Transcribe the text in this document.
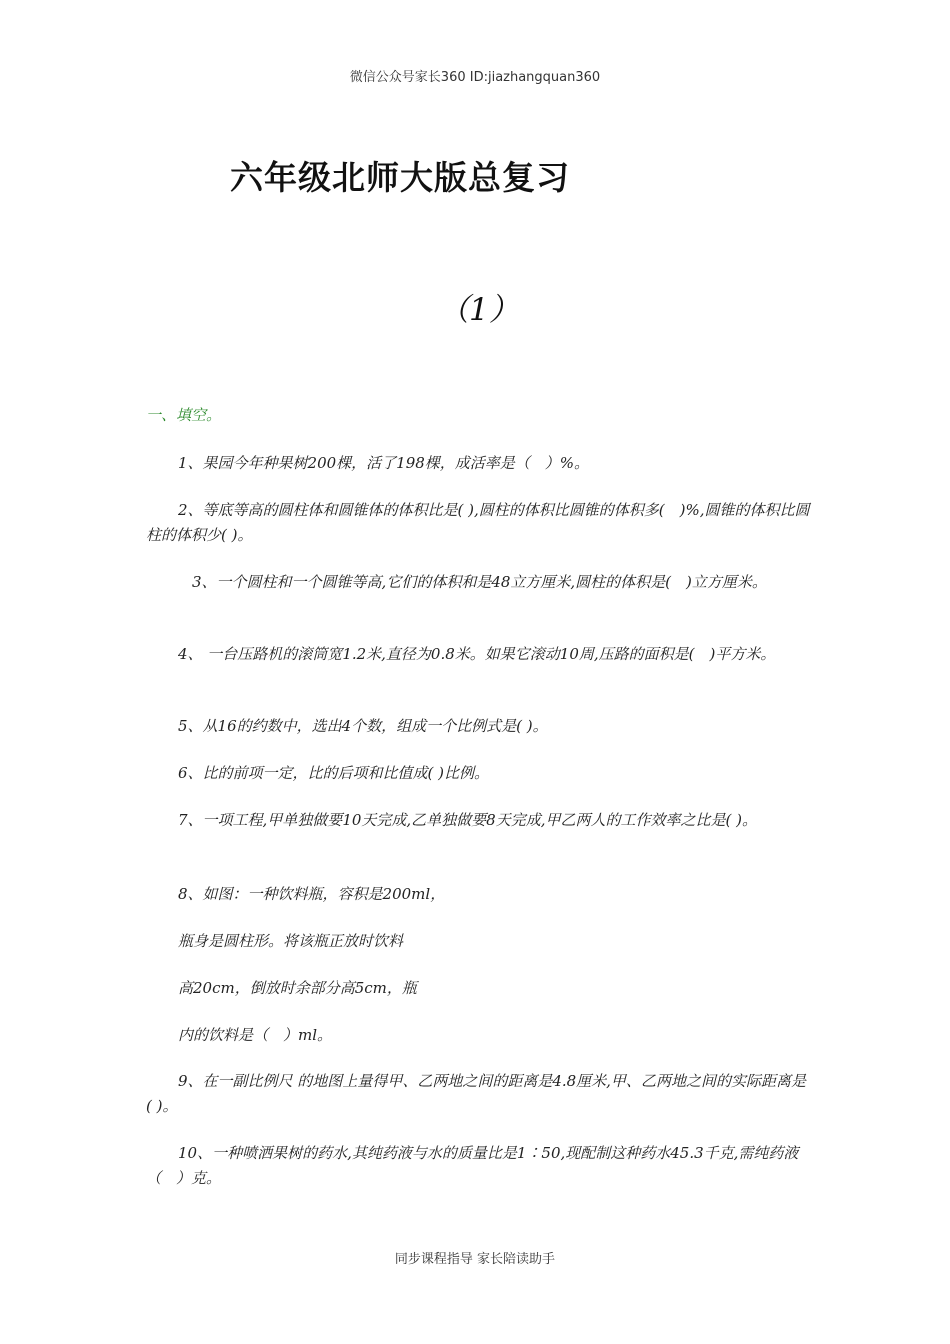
微信公众号家长360 ID:jiazhangquan360
六年级北师大版总复习
（1）
一、填空。
1、果园今年种果树200棵，活了198棵，成活率是（　）%。
2、等底等高的圆柱体和圆锥体的体积比是( ),圆柱的体积比圆锥的体积多(　)%,圆锥的体积比圆柱的体积少( )。
3、一个圆柱和一个圆锥等高,它们的体积和是48立方厘米,圆柱的体积是(　)立方厘米。
4、 一台压路机的滚筒宽1.2米,直径为0.8米。如果它滚动10周,压路的面积是(　)平方米。
5、从16的约数中，选出4个数，组成一个比例式是( )。
6、比的前项一定，比的后项和比值成( )比例。
7、一项工程,甲单独做要10天完成,乙单独做要8天完成,甲乙两人的工作效率之比是( )。
8、如图：一种饮料瓶，容积是200ml，
瓶身是圆柱形。将该瓶正放时饮料
高20cm，倒放时余部分高5cm，瓶
内的饮料是（　）ml。
9、在一副比例尺 的地图上量得甲、乙两地之间的距离是4.8厘米,甲、乙两地之间的实际距离是( )。
10、一种喷洒果树的药水,其纯药液与水的质量比是1∶50,现配制这种药水45.3千克,需纯药液（　）克。
同步课程指导 家长陪读助手
